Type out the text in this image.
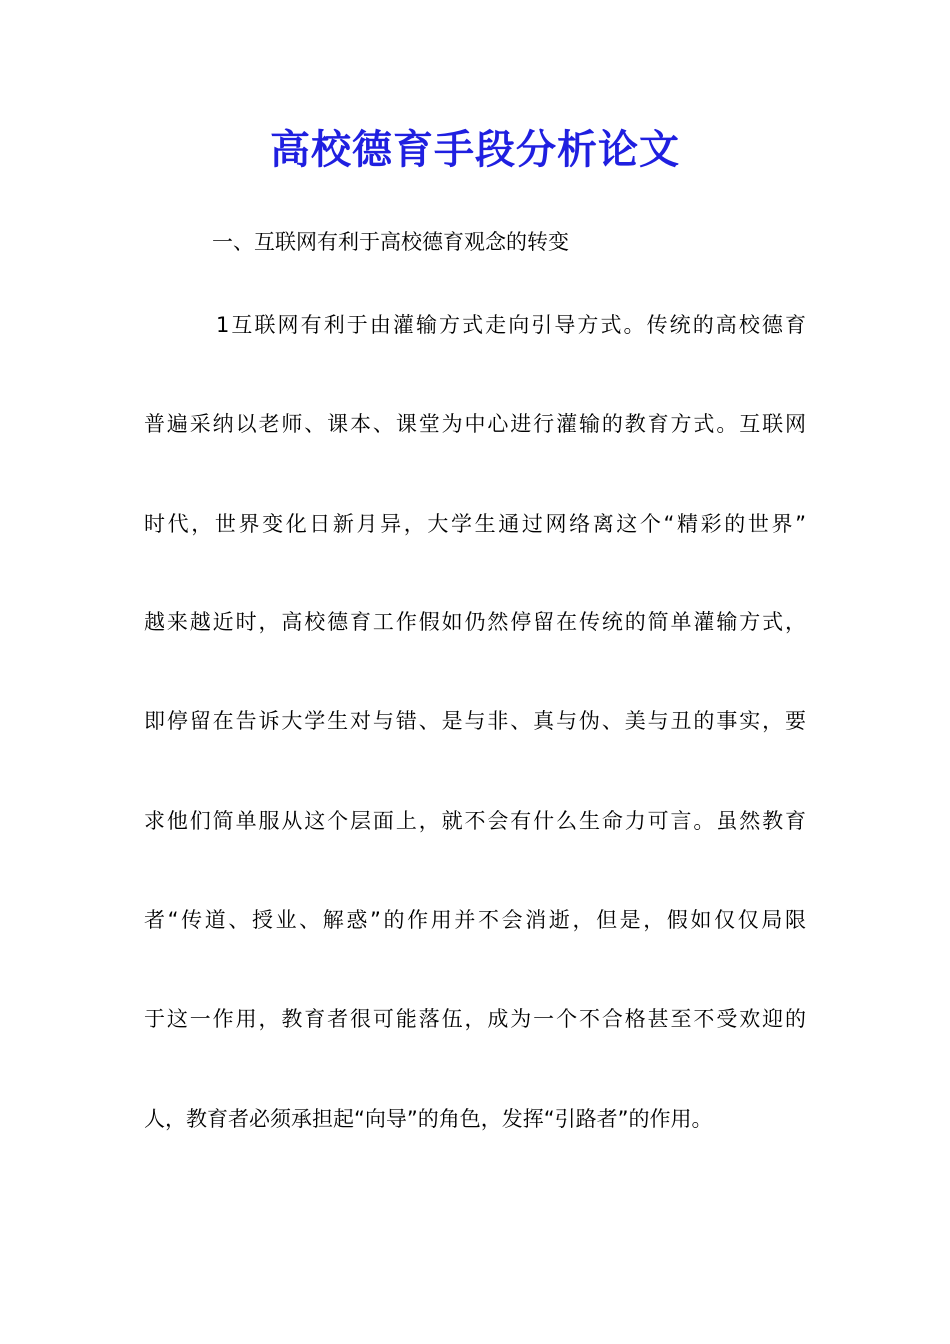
高校德育手段分析论文
一、互联网有利于高校德育观念的转变
1互联网有利于由灌输方式走向引导方式。传统的高校德育
普遍采纳以老师、课本、课堂为中心进行灌输的教育方式。互联网
时代，世界变化日新月异，大学生通过网络离这个“精彩的世界”
越来越近时，高校德育工作假如仍然停留在传统的简单灌输方式，
即停留在告诉大学生对与错、是与非、真与伪、美与丑的事实，要
求他们简单服从这个层面上，就不会有什么生命力可言。虽然教育
者“传道、授业、解惑”的作用并不会消逝，但是，假如仅仅局限
于这一作用，教育者很可能落伍，成为一个不合格甚至不受欢迎的
人，教育者必须承担起“向导”的角色，发挥“引路者”的作用。
